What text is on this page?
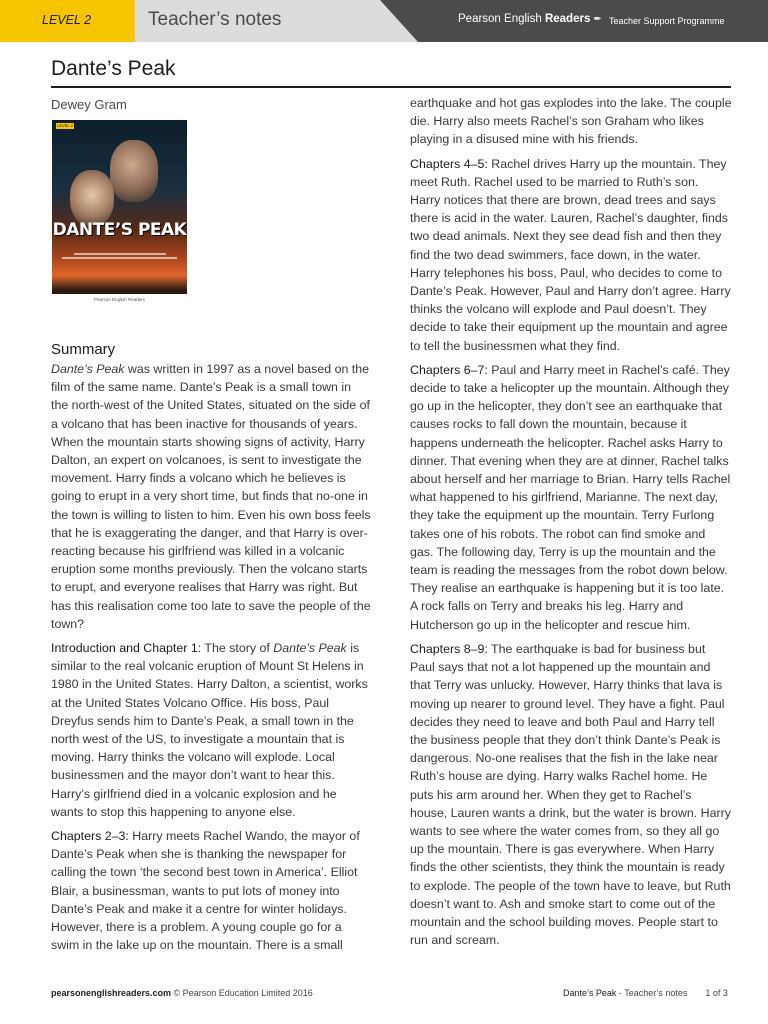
LEVEL 2	Teacher’s notes	Pearson English Readers ✒ Teacher Support Programme
Dante’s Peak
Dewey Gram
LEVEL 2
DANTE’S PEAK
Pearson English Readers
Summary

Dante’s Peak was written in 1997 as a novel based on the film of the same name. Dante’s Peak is a small town in the north-west of the United States, situated on the side of a volcano that has been inactive for thousands of years. When the mountain starts showing signs of activity, Harry Dalton, an expert on volcanoes, is sent to investigate the movement. Harry finds a volcano which he believes is going to erupt in a very short time, but finds that no-one in the town is willing to listen to him. Even his own boss feels that he is exaggerating the danger, and that Harry is over-reacting because his girlfriend was killed in a volcanic eruption some months previously. Then the volcano starts to erupt, and everyone realises that Harry was right. But has this realisation come too late to save the people of the town?

Introduction and Chapter 1: The story of Dante’s Peak is similar to the real volcanic eruption of Mount St Helens in 1980 in the United States. Harry Dalton, a scientist, works at the United States Volcano Office. His boss, Paul Dreyfus sends him to Dante’s Peak, a small town in the north west of the US, to investigate a mountain that is moving. Harry thinks the volcano will explode. Local businessmen and the mayor don’t want to hear this. Harry’s girlfriend died in a volcanic explosion and he wants to stop this happening to anyone else.

Chapters 2–3: Harry meets Rachel Wando, the mayor of Dante’s Peak when she is thanking the newspaper for calling the town ‘the second best town in America’. Elliot Blair, a businessman, wants to put lots of money into Dante’s Peak and make it a centre for winter holidays. However, there is a problem. A young couple go for a swim in the lake up on the mountain. There is a small

earthquake and hot gas explodes into the lake. The couple die. Harry also meets Rachel’s son Graham who likes playing in a disused mine with his friends.

Chapters 4–5: Rachel drives Harry up the mountain. They meet Ruth. Rachel used to be married to Ruth’s son. Harry notices that there are brown, dead trees and says there is acid in the water. Lauren, Rachel’s daughter, finds two dead animals. Next they see dead fish and then they find the two dead swimmers, face down, in the water. Harry telephones his boss, Paul, who decides to come to Dante’s Peak. However, Paul and Harry don’t agree. Harry thinks the volcano will explode and Paul doesn’t. They decide to take their equipment up the mountain and agree to tell the businessmen what they find.

Chapters 6–7: Paul and Harry meet in Rachel’s café. They decide to take a helicopter up the mountain. Although they go up in the helicopter, they don’t see an earthquake that causes rocks to fall down the mountain, because it happens underneath the helicopter. Rachel asks Harry to dinner. That evening when they are at dinner, Rachel talks about herself and her marriage to Brian. Harry tells Rachel what happened to his girlfriend, Marianne. The next day, they take the equipment up the mountain. Terry Furlong takes one of his robots. The robot can find smoke and gas. The following day, Terry is up the mountain and the team is reading the messages from the robot down below. They realise an earthquake is happening but it is too late. A rock falls on Terry and breaks his leg. Harry and Hutcherson go up in the helicopter and rescue him.

Chapters 8–9: The earthquake is bad for business but Paul says that not a lot happened up the mountain and that Terry was unlucky. However, Harry thinks that lava is moving up nearer to ground level. They have a fight. Paul decides they need to leave and both Paul and Harry tell the business people that they don’t think Dante’s Peak is dangerous. No-one realises that the fish in the lake near Ruth’s house are dying. Harry walks Rachel home. He puts his arm around her. When they get to Rachel’s house, Lauren wants a drink, but the water is brown. Harry wants to see where the water comes from, so they all go up the mountain. There is gas everywhere. When Harry finds the other scientists, they think the mountain is ready to explode. The people of the town have to leave, but Ruth doesn’t want to. Ash and smoke start to come out of the mountain and the school building moves. People start to run and scream.

pearsonenglishreaders.com © Pearson Education Limited 2016	Dante’s Peak - Teacher’s notes 1 of 3
